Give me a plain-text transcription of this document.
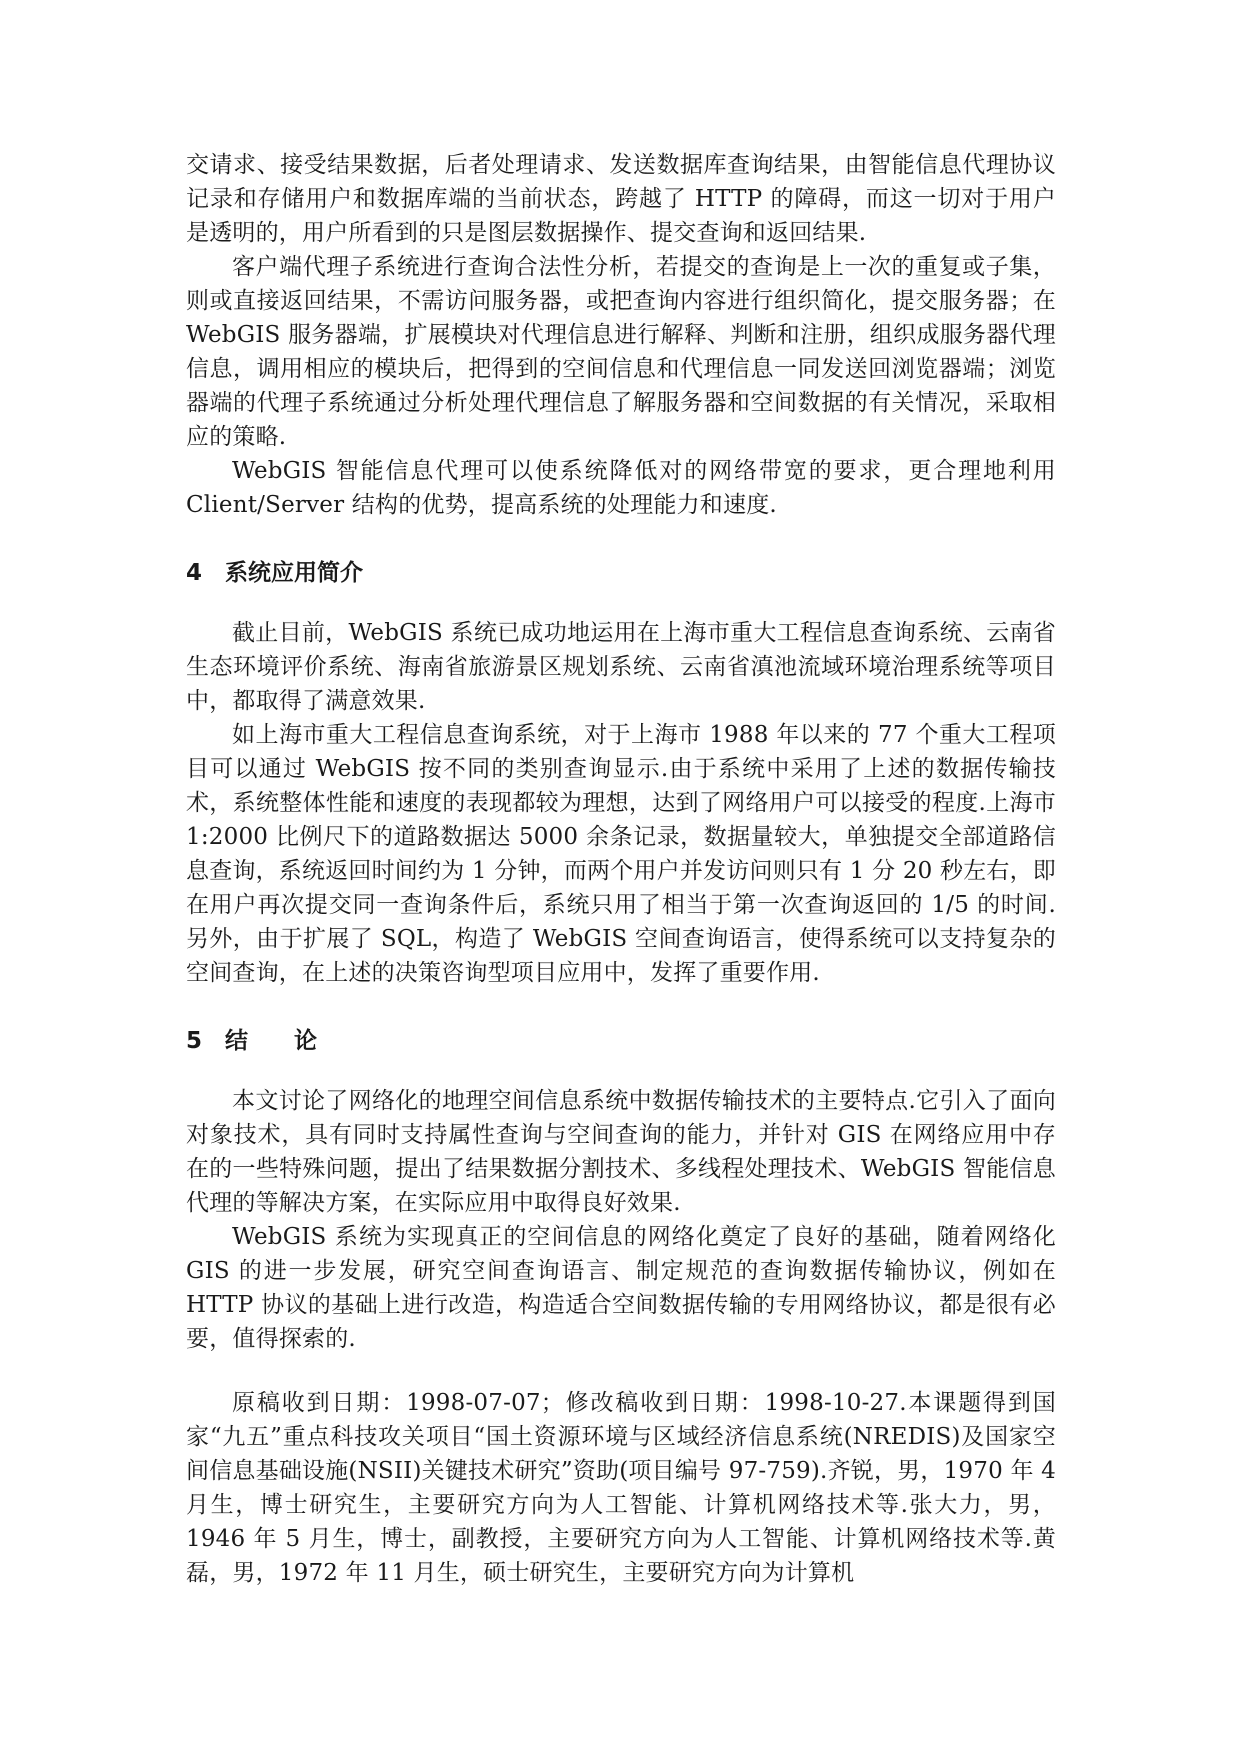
交请求、接受结果数据，后者处理请求、发送数据库查询结果，由智能信息代理协议记录和存储用户和数据库端的当前状态，跨越了 HTTP 的障碍，而这一切对于用户是透明的，用户所看到的只是图层数据操作、提交查询和返回结果.

客户端代理子系统进行查询合法性分析，若提交的查询是上一次的重复或子集，则或直接返回结果，不需访问服务器，或把查询内容进行组织简化，提交服务器；在 WebGIS 服务器端，扩展模块对代理信息进行解释、判断和注册，组织成服务器代理信息，调用相应的模块后，把得到的空间信息和代理信息一同发送回浏览器端；浏览器端的代理子系统通过分析处理代理信息了解服务器和空间数据的有关情况，采取相应的策略.

WebGIS 智能信息代理可以使系统降低对的网络带宽的要求，更合理地利用 Client/Server 结构的优势，提高系统的处理能力和速度.

4　系统应用简介

截止目前，WebGIS 系统已成功地运用在上海市重大工程信息查询系统、云南省生态环境评价系统、海南省旅游景区规划系统、云南省滇池流域环境治理系统等项目中，都取得了满意效果.

如上海市重大工程信息查询系统，对于上海市 1988 年以来的 77 个重大工程项目可以通过 WebGIS 按不同的类别查询显示.由于系统中采用了上述的数据传输技术，系统整体性能和速度的表现都较为理想，达到了网络用户可以接受的程度.上海市 1:2000 比例尺下的道路数据达 5000 余条记录，数据量较大，单独提交全部道路信息查询，系统返回时间约为 1 分钟，而两个用户并发访问则只有 1 分 20 秒左右，即在用户再次提交同一查询条件后，系统只用了相当于第一次查询返回的 1/5 的时间.另外，由于扩展了 SQL，构造了 WebGIS 空间查询语言，使得系统可以支持复杂的空间查询，在上述的决策咨询型项目应用中，发挥了重要作用.

5　结　　论

本文讨论了网络化的地理空间信息系统中数据传输技术的主要特点.它引入了面向对象技术，具有同时支持属性查询与空间查询的能力，并针对 GIS 在网络应用中存在的一些特殊问题，提出了结果数据分割技术、多线程处理技术、WebGIS 智能信息代理的等解决方案，在实际应用中取得良好效果.

WebGIS 系统为实现真正的空间信息的网络化奠定了良好的基础，随着网络化 GIS 的进一步发展，研究空间查询语言、制定规范的查询数据传输协议，例如在 HTTP 协议的基础上进行改造，构造适合空间数据传输的专用网络协议，都是很有必要，值得探索的.

原稿收到日期：1998-07-07；修改稿收到日期：1998-10-27.本课题得到国家“九五”重点科技攻关项目“国土资源环境与区域经济信息系统(NREDIS)及国家空间信息基础设施(NSII)关键技术研究”资助(项目编号 97-759).齐锐，男，1970 年 4 月生，博士研究生，主要研究方向为人工智能、计算机网络技术等.张大力，男，1946 年 5 月生，博士，副教授，主要研究方向为人工智能、计算机网络技术等.黄磊，男，1972 年 11 月生，硕士研究生，主要研究方向为计算机
